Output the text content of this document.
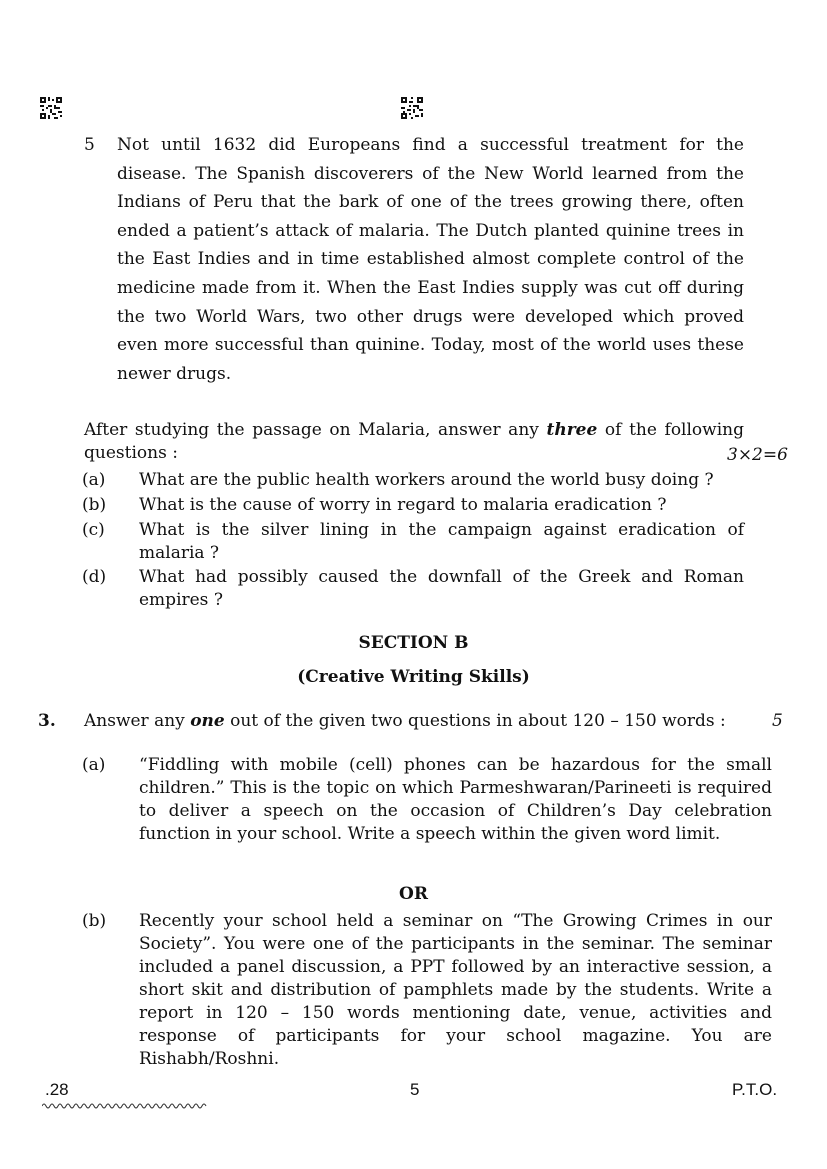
5 Not until 1632 did Europeans find a successful treatment for the disease. The Spanish discoverers of the New World learned from the Indians of Peru that the bark of one of the trees growing there, often ended a patient’s attack of malaria. The Dutch planted quinine trees in the East Indies and in time established almost complete control of the medicine made from it. When the East Indies supply was cut off during the two World Wars, two other drugs were developed which proved even more successful than quinine. Today, most of the world uses these newer drugs.
After studying the passage on Malaria, answer any three of the following questions :	3×2=6
(a) What are the public health workers around the world busy doing ?
(b) What is the cause of worry in regard to malaria eradication ?
(c) What is the silver lining in the campaign against eradication of malaria ?
(d) What had possibly caused the downfall of the Greek and Roman empires ?
SECTION B
(Creative Writing Skills)
3. Answer any one out of the given two questions in about 120 – 150 words :	5
(a) “Fiddling with mobile (cell) phones can be hazardous for the small children.” This is the topic on which Parmeshwaran/Parineeti is required to deliver a speech on the occasion of Children’s Day celebration function in your school. Write a speech within the given word limit.
OR
(b) Recently your school held a seminar on “The Growing Crimes in our Society”. You were one of the participants in the seminar. The seminar included a panel discussion, a PPT followed by an interactive session, a short skit and distribution of pamphlets made by the students. Write a report in 120 – 150 words mentioning date, venue, activities and response of participants for your school magazine. You are Rishabh/Roshni.
.28	5	P.T.O.
